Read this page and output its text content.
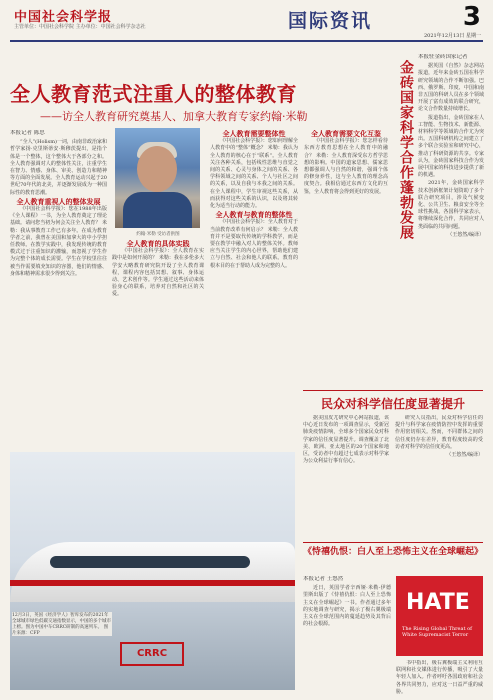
中国社会科学报
主管单位：中国社会科学院 主办单位：中国社会科学杂志社	国际资讯	3
2021年12月13日 星期一
全人教育范式注重人的整体教育
——访全人教育研究奠基人、加拿大教育专家约翰·米勒
本报记者 陈思

“全人”(Holism)一词，由南非政治家和哲学家扬·克里斯蒂安·斯穆茨提出，是指个体是一个整体，这个整体大于各部分之和。全人教育强调对人的整体性关注，注重学生在智力、情感、身体、审美、创造力和精神等方面的全面发展。全人教育运动兴起于20世纪70年代的北美，并逐渐发展成为一种国际性的教育思潮。

全人教育重视人的整体发展

《中国社会科学报》：您在1988年出版《全人课程》一书，为全人教育奠定了理论基础。请问您当初为何会关注全人教育？ 米勒：我从事教育工作已有多年。在成为教育学者之前，我曾在美国和加拿大的中小学担任教师。在教学实践中，我发现传统的教育模式过于注重知识的灌输，而忽视了学生作为完整个体的成长需要。学生在学校里往往被当作需要填充知识的容器，他们的情感、身体和精神需求很少得到关注。

约翰·米勒 受访者供图

全人教育的具体实践

《中国社会科学报》：全人教育在实践中是如何开展的？ 米勒：我在多伦多大学安大略教育研究院开设了全人教育课程，课程内容包括冥想、叙事、身体运动、艺术创作等。学生通过这些活动来体验身心的联系，培养对自然和社区的关爱。

全人教育需要整体性

《中国社会科学报》：您如何理解全人教育中的“整体”概念？ 米勒：我认为全人教育的核心在于“联系”。全人教育关注各种关系，包括线性思维与直觉之间的关系、心灵与身体之间的关系、各学科领域之间的关系、个人与社区之间的关系，以及自我与本我之间的关系。在全人课程中，学生审视这些关系，从而获得对这些关系的认识，以及将其转化为适当行动的能力。

全人教育与教育的整体性

《中国社会科学报》：全人教育对于当前教育改革有何启示？ 米勒：全人教育并不是要取代传统的学科教学，而是要在教学中融入对人的整体关怀。教师应当关注学生的内心世界，帮助他们建立与自然、社会和他人的联系。教育的根本目的在于帮助人成为完整的人。

全人教育需要文化互鉴

《中国社会科学报》：您怎样看待东西方教育思想在全人教育中的融合？ 米勒：全人教育深受东方哲学思想的影响。中国的道家思想、儒家思想都强调人与自然的和谐，强调个体的修身养性，这与全人教育的理念高度契合。我相信通过东西方文化的互鉴，全人教育将会得到更好的发展。 金砖国家科学合作蓬勃发展
本报驻金砖国家记者

据英国《自然》杂志网站报道，近年来金砖五国在科学研究领域的合作不断加强。巴西、俄罗斯、印度、中国和南非五国的科研人员在多个领域开展了富有成效的联合研究，论文合作数量持续增长。

报道指出，金砖国家在人工智能、生物技术、新能源、材料科学等领域的合作尤为突出。五国科研机构之间建立了多个联合实验室和研究中心，推动了科研资源的共享。专家认为，金砖国家科技合作为发展中国家的科技进步提供了新的机遇。

2021年，金砖国家科学技术创新框架计划资助了多个联合研究项目，涉及气候变化、公共卫生、粮食安全等全球性挑战。各国科学家表示，将继续深化合作，共同应对人类面临的共同问题。

（王悠然/编译）

民众对科学信任度显著提升

据美国皮尤研究中心网站报道，该中心近日发布的一项调查显示，受新冠肺炎疫情影响，全球多个国家民众对科学家的信任度显著提升。调查覆盖了北美、欧洲、亚太地区的20个国家和地区，受访者中有超过七成表示对科学家为公众利益行事有信心。

研究人员指出，民众对科学信任的提升与科学家在疫情防控中发挥的重要作用密切相关。然而，不同群体之间的信任度仍存在差异，教育程度较高的受访者对科学的信任度更高。

（王悠然/编译）

《恃禧仇恨：白人至上恐怖主义在全球崛起》
本报记者 王悠然

近日，英国学者辛西娅·米勒-伊德里斯出版了《恃禧仇恨：白人至上恐怖主义在全球崛起》一书。作者通过多年的实地调查与研究，揭示了极右翼极端主义在全球范围内的蔓延趋势及其背后的社会根源。

HATE
The Rising Global Threat of White Supremacist Terror

书中指出，极右翼极端主义利用互联网和社交媒体进行传播，吸引了大量年轻人加入。作者呼吁各国政府和社会各界共同努力，应对这一日益严重的威胁。

CRRC
12月3日，英国《经济学人》智库发布的2021年全球城市绿色低碳交通指数显示，中国的多个城市上榜。图为中国中车CRRC研制的高速列车。 图片来源：CFP
